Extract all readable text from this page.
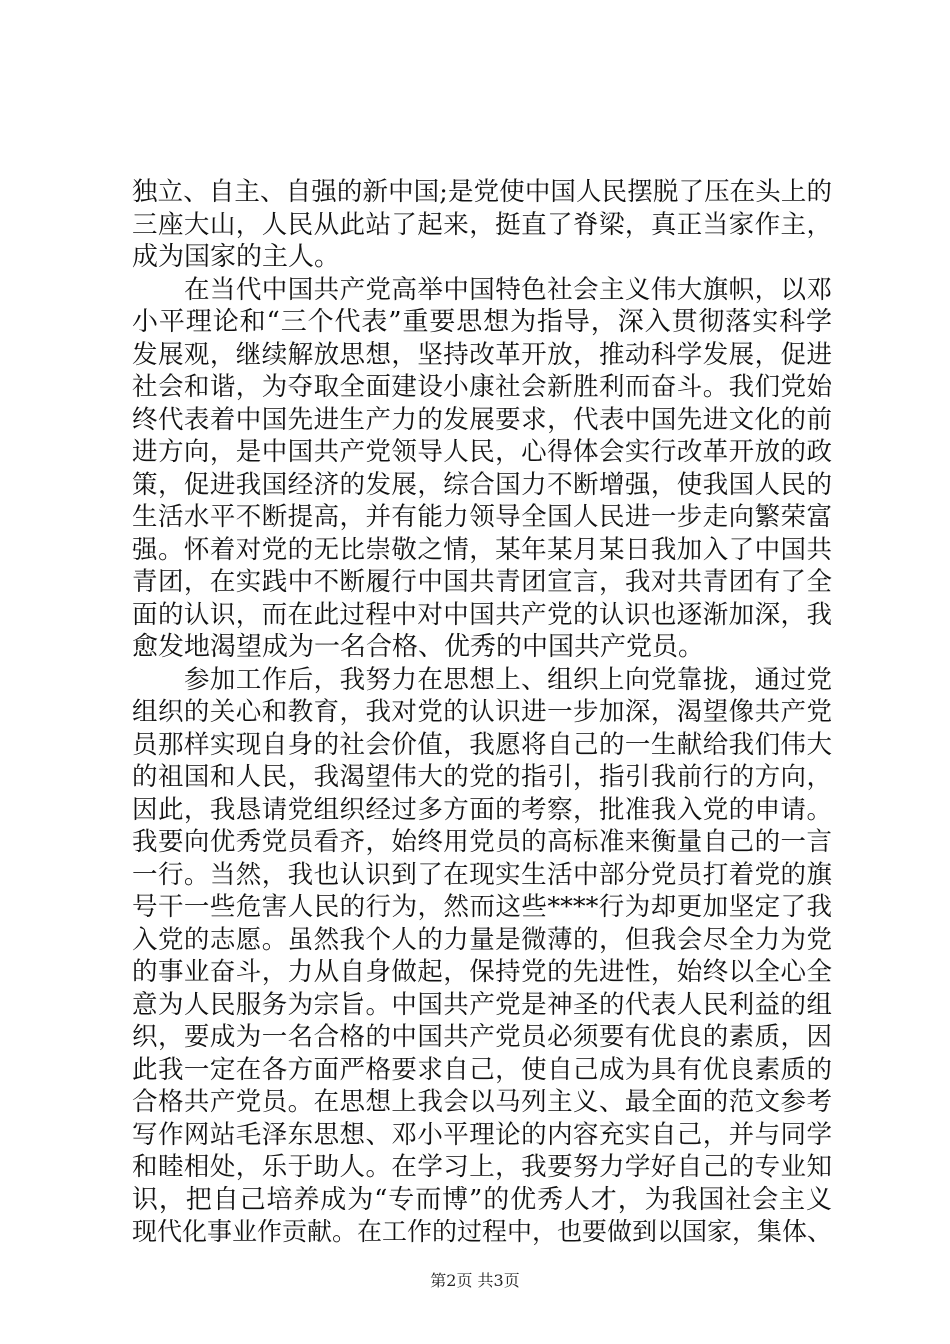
独立、自主、自强的新中国;是党使中国人民摆脱了压在头上的
三座大山，人民从此站了起来，挺直了脊梁，真正当家作主，
成为国家的主人。
在当代中国共产党高举中国特色社会主义伟大旗帜，以邓
小平理论和“三个代表”重要思想为指导，深入贯彻落实科学
发展观，继续解放思想，坚持改革开放，推动科学发展，促进
社会和谐，为夺取全面建设小康社会新胜利而奋斗。我们党始
终代表着中国先进生产力的发展要求，代表中国先进文化的前
进方向，是中国共产党领导人民，心得体会实行改革开放的政
策，促进我国经济的发展，综合国力不断增强，使我国人民的
生活水平不断提高，并有能力领导全国人民进一步走向繁荣富
强。怀着对党的无比崇敬之情，某年某月某日我加入了中国共
青团，在实践中不断履行中国共青团宣言，我对共青团有了全
面的认识，而在此过程中对中国共产党的认识也逐渐加深，我
愈发地渴望成为一名合格、优秀的中国共产党员。
参加工作后，我努力在思想上、组织上向党靠拢，通过党
组织的关心和教育，我对党的认识进一步加深，渴望像共产党
员那样实现自身的社会价值，我愿将自己的一生献给我们伟大
的祖国和人民，我渴望伟大的党的指引，指引我前行的方向，
因此，我恳请党组织经过多方面的考察，批准我入党的申请。
我要向优秀党员看齐，始终用党员的高标准来衡量自己的一言
一行。当然，我也认识到了在现实生活中部分党员打着党的旗
号干一些危害人民的行为，然而这些****行为却更加坚定了我
入党的志愿。虽然我个人的力量是微薄的，但我会尽全力为党
的事业奋斗，力从自身做起，保持党的先进性，始终以全心全
意为人民服务为宗旨。中国共产党是神圣的代表人民利益的组
织，要成为一名合格的中国共产党员必须要有优良的素质，因
此我一定在各方面严格要求自己，使自己成为具有优良素质的
合格共产党员。在思想上我会以马列主义、最全面的范文参考
写作网站毛泽东思想、邓小平理论的内容充实自己，并与同学
和睦相处，乐于助人。在学习上，我要努力学好自己的专业知
识，把自己培养成为“专而博”的优秀人才，为我国社会主义
现代化事业作贡献。在工作的过程中，也要做到以国家，集体、
第2页 共3页
